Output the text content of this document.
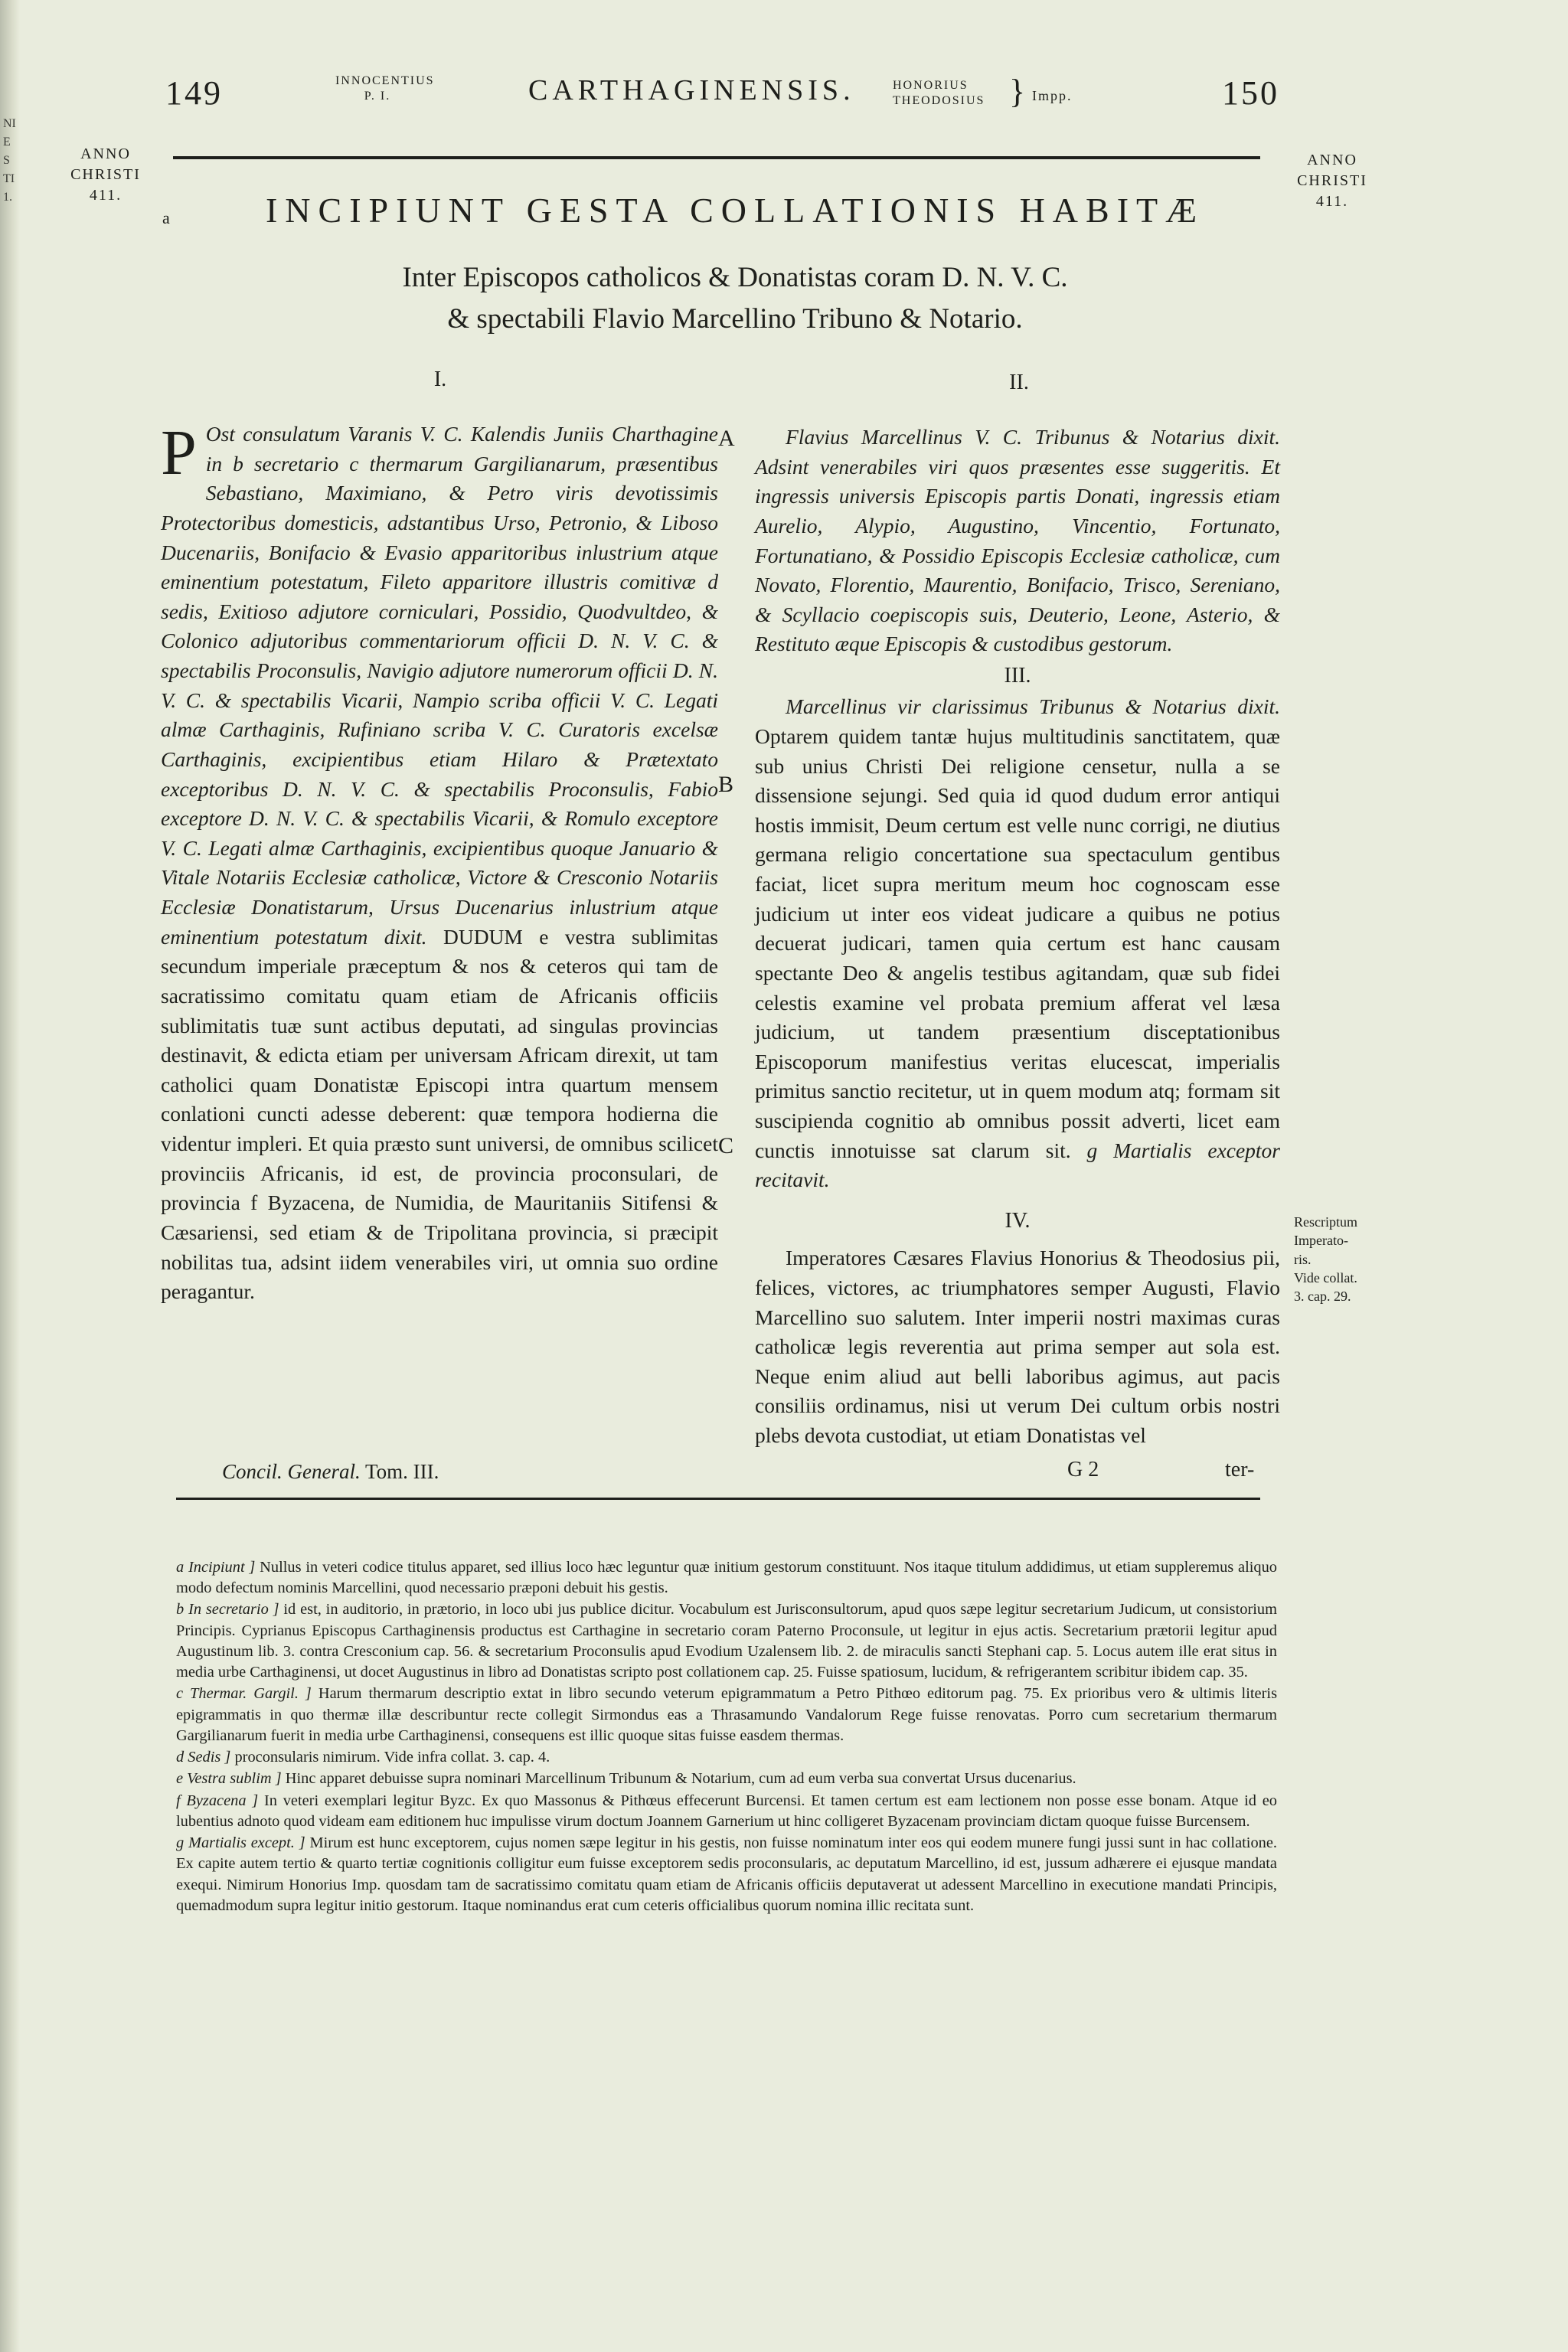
NI ESTI 1.
149	INNOCENTIUS
P. I.	CARTHAGINENSIS.	HONORIUS
THEODOSIUS } Impp.	150
ANNO
CHRISTI
411.
ANNO
CHRISTI
411.
a	INCIPIUNT GESTA COLLATIONIS HABITÆ
Inter Episcopos catholicos & Donatistas coram D. N. V. C.
& spectabili Flavio Marcellino Tribuno & Notario.
I.

P Ost consulatum Varanis V. C. Kalendis Juniis Charthagine in b secretario c thermarum Gargilianarum, præsentibus Sebastiano, Maximiano, & Petro viris devotissimis Protectoribus domesticis, adstantibus Urso, Petronio, & Liboso Ducenariis, Bonifacio & Evasio apparitoribus inlustrium atque eminentium potestatum, Fileto apparitore illustris comitivæ d sedis, Exitioso adjutore corniculari, Possidio, Quodvultdeo, & Colonico adjutoribus commentariorum officii D. N. V. C. & spectabilis Proconsulis, Navigio adjutore numerorum officii D. N. V. C. & spectabilis Vicarii, Nampio scriba officii V. C. Legati almæ Carthaginis, Rufiniano scriba V. C. Curatoris excelsæ Carthaginis, excipientibus etiam Hilaro & Prætextato exceptoribus D. N. V. C. & spectabilis Proconsulis, Fabio exceptore D. N. V. C. & spectabilis Vicarii, & Romulo exceptore V. C. Legati almæ Carthaginis, excipientibus quoque Januario & Vitale Notariis Ecclesiæ catholicæ, Victore & Cresconio Notariis Ecclesiæ Donatistarum, Ursus Ducenarius inlustrium atque eminentium potestatum dixit. DUDUM e vestra sublimitas secundum imperiale præceptum & nos & ceteros qui tam de sacratissimo comitatu quam etiam de Africanis officiis sublimitatis tuæ sunt actibus deputati, ad singulas provincias destinavit, & edicta etiam per universam Africam direxit, ut tam catholici quam Donatistæ Episcopi intra quartum mensem conlationi cuncti adesse deberent: quæ tempora hodierna die videntur impleri. Et quia præsto sunt universi, de omnibus scilicet provinciis Africanis, id est, de provincia proconsulari, de provincia f Byzacena, de Numidia, de Mauritaniis Sitifensi & Cæsariensi, sed etiam & de Tripolitana provincia, si præcipit nobilitas tua, adsint iidem venerabiles viri, ut omnia suo ordine peragantur.

Concil. General. Tom. III.
A
B
C
II.

Flavius Marcellinus V. C. Tribunus & Notarius dixit. Adsint venerabiles viri quos præsentes esse suggeritis. Et ingressis universis Episcopis partis Donati, ingressis etiam Aurelio, Alypio, Augustino, Vincentio, Fortunato, Fortunatiano, & Possidio Episcopis Ecclesiæ catholicæ, cum Novato, Florentio, Maurentio, Bonifacio, Trisco, Sereniano, & Scyllacio coepiscopis suis, Deuterio, Leone, Asterio, & Restituto æque Episcopis & custodibus gestorum.

III.

Marcellinus vir clarissimus Tribunus & Notarius dixit. Optarem quidem tantæ hujus multitudinis sanctitatem, quæ sub unius Christi Dei religione censetur, nulla a se dissensione sejungi. Sed quia id quod dudum error antiqui hostis immisit, Deum certum est velle nunc corrigi, ne diutius germana religio concertatione sua spectaculum gentibus faciat, licet supra meritum meum hoc cognoscam esse judicium ut inter eos videat judicare a quibus ne potius decuerat judicari, tamen quia certum est hanc causam spectante Deo & angelis testibus agitandam, quæ sub fidei celestis examine vel probata premium afferat vel læsa judicium, ut tandem præsentium disceptationibus Episcoporum manifestius veritas elucescat, imperialis primitus sanctio recitetur, ut in quem modum atq; formam sit suscipienda cognitio ab omnibus possit adverti, licet eam cunctis innotuisse sat clarum sit. g Martialis exceptor recitavit.

IV.

Imperatores Cæsares Flavius Honorius & Theodosius pii, felices, victores, ac triumphatores semper Augusti, Flavio Marcellino suo salutem. Inter imperii nostri maximas curas catholicæ legis reverentia aut prima semper aut sola est. Neque enim aliud aut belli laboribus agimus, aut pacis consiliis ordinamus, nisi ut verum Dei cultum orbis nostri plebs devota custodiat, ut etiam Donatistas vel

G 2	ter-
Rescriptum
Imperato-
ris.
Vide collat.
3. cap. 29.

a Incipiunt ] Nullus in veteri codice titulus apparet, sed illius loco hæc leguntur quæ initium gestorum constituunt. Nos itaque titulum addidimus, ut etiam suppleremus aliquo modo defectum nominis Marcellini, quod necessario præponi debuit his gestis.

b In secretario ] id est, in auditorio, in prætorio, in loco ubi jus publice dicitur. Vocabulum est Jurisconsultorum, apud quos sæpe legitur secretarium Judicum, ut consistorium Principis. Cyprianus Episcopus Carthaginensis productus est Carthagine in secretario coram Paterno Proconsule, ut legitur in ejus actis. Secretarium prætorii legitur apud Augustinum lib. 3. contra Cresconium cap. 56. & secretarium Proconsulis apud Evodium Uzalensem lib. 2. de miraculis sancti Stephani cap. 5. Locus autem ille erat situs in media urbe Carthaginensi, ut docet Augustinus in libro ad Donatistas scripto post collationem cap. 25. Fuisse spatiosum, lucidum, & refrigerantem scribitur ibidem cap. 35.

c Thermar. Gargil. ] Harum thermarum descriptio extat in libro secundo veterum epigrammatum a Petro Pithœo editorum pag. 75. Ex prioribus vero & ultimis literis epigrammatis in quo thermæ illæ describuntur recte collegit Sirmondus eas a Thrasamundo Vandalorum Rege fuisse renovatas. Porro cum secretarium thermarum Gargilianarum fuerit in media urbe Carthaginensi, consequens est illic quoque sitas fuisse easdem thermas.

d Sedis ] proconsularis nimirum. Vide infra collat. 3. cap. 4.

e Vestra sublim ] Hinc apparet debuisse supra nominari Marcellinum Tribunum & Notarium, cum ad eum verba sua convertat Ursus ducenarius.

f Byzacena ] In veteri exemplari legitur Byzc. Ex quo Massonus & Pithœus effecerunt Burcensi. Et tamen certum est eam lectionem non posse esse bonam. Atque id eo lubentius adnoto quod videam eam editionem huc impulisse virum doctum Joannem Garnerium ut hinc colligeret Byzacenam provinciam dictam quoque fuisse Burcensem.

g Martialis except. ] Mirum est hunc exceptorem, cujus nomen sæpe legitur in his gestis, non fuisse nominatum inter eos qui eodem munere fungi jussi sunt in hac collatione. Ex capite autem tertio & quarto tertiæ cognitionis colligitur eum fuisse exceptorem sedis proconsularis, ac deputatum Marcellino, id est, jussum adhærere ei ejusque mandata exequi. Nimirum Honorius Imp. quosdam tam de sacratissimo comitatu quam etiam de Africanis officiis deputaverat ut adessent Marcellino in executione mandati Principis, quemadmodum supra legitur initio gestorum. Itaque nominandus erat cum ceteris officialibus quorum nomina illic recitata sunt.
